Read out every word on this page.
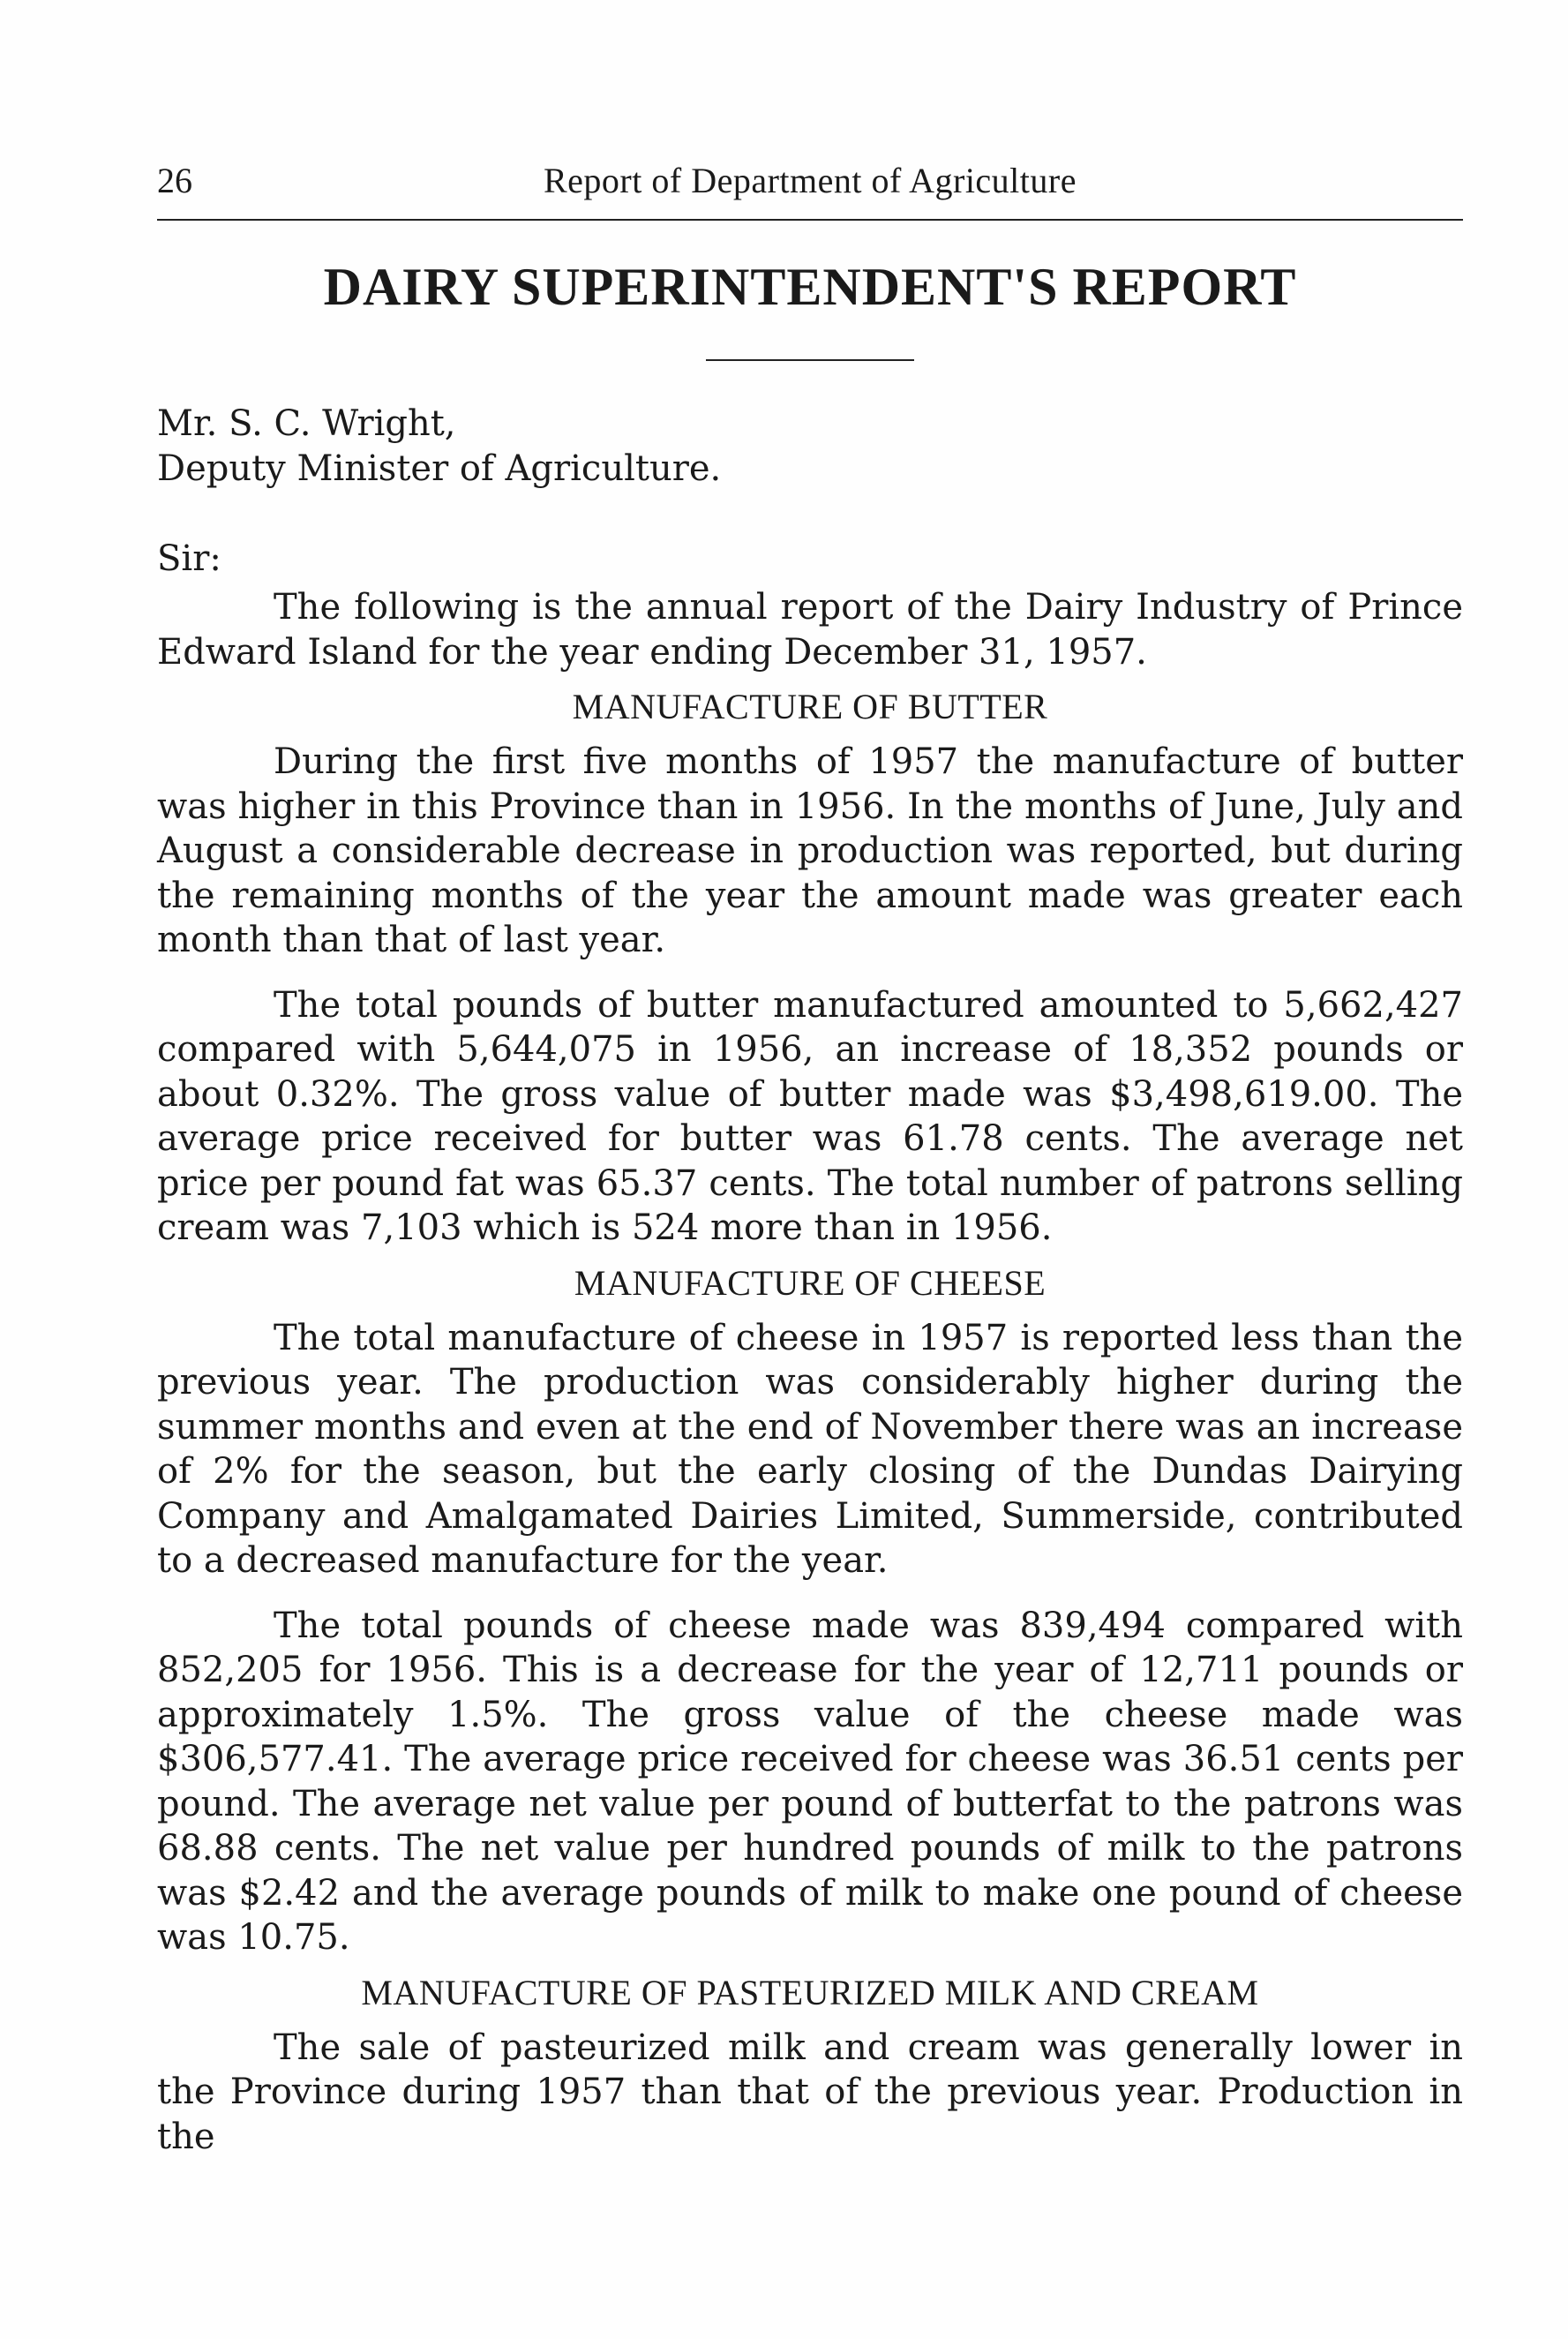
26	Report of Department of Agriculture
DAIRY SUPERINTENDENT'S REPORT
Mr. S. C. Wright,
Deputy Minister of Agriculture.
Sir:

The following is the annual report of the Dairy Industry of Prince Edward Island for the year ending December 31, 1957.

MANUFACTURE OF BUTTER

During the first five months of 1957 the manufacture of butter was higher in this Province than in 1956. In the months of June, July and August a considerable decrease in production was reported, but during the remaining months of the year the amount made was greater each month than that of last year.

The total pounds of butter manufactured amounted to 5,662,427 compared with 5,644,075 in 1956, an increase of 18,352 pounds or about 0.32%. The gross value of butter made was $3,498,619.00. The average price received for butter was 61.78 cents. The average net price per pound fat was 65.37 cents. The total number of patrons selling cream was 7,103 which is 524 more than in 1956.

MANUFACTURE OF CHEESE

The total manufacture of cheese in 1957 is reported less than the previous year. The production was considerably higher during the summer months and even at the end of November there was an increase of 2% for the season, but the early closing of the Dundas Dairying Company and Amalgamated Dairies Limited, Summerside, contributed to a decreased manufacture for the year.

The total pounds of cheese made was 839,494 compared with 852,205 for 1956. This is a decrease for the year of 12,711 pounds or approximately 1.5%. The gross value of the cheese made was $306,577.41. The average price received for cheese was 36.51 cents per pound. The average net value per pound of butterfat to the patrons was 68.88 cents. The net value per hundred pounds of milk to the patrons was $2.42 and the average pounds of milk to make one pound of cheese was 10.75.

MANUFACTURE OF PASTEURIZED MILK AND CREAM

The sale of pasteurized milk and cream was generally lower in the Province during 1957 than that of the previous year. Production in the
